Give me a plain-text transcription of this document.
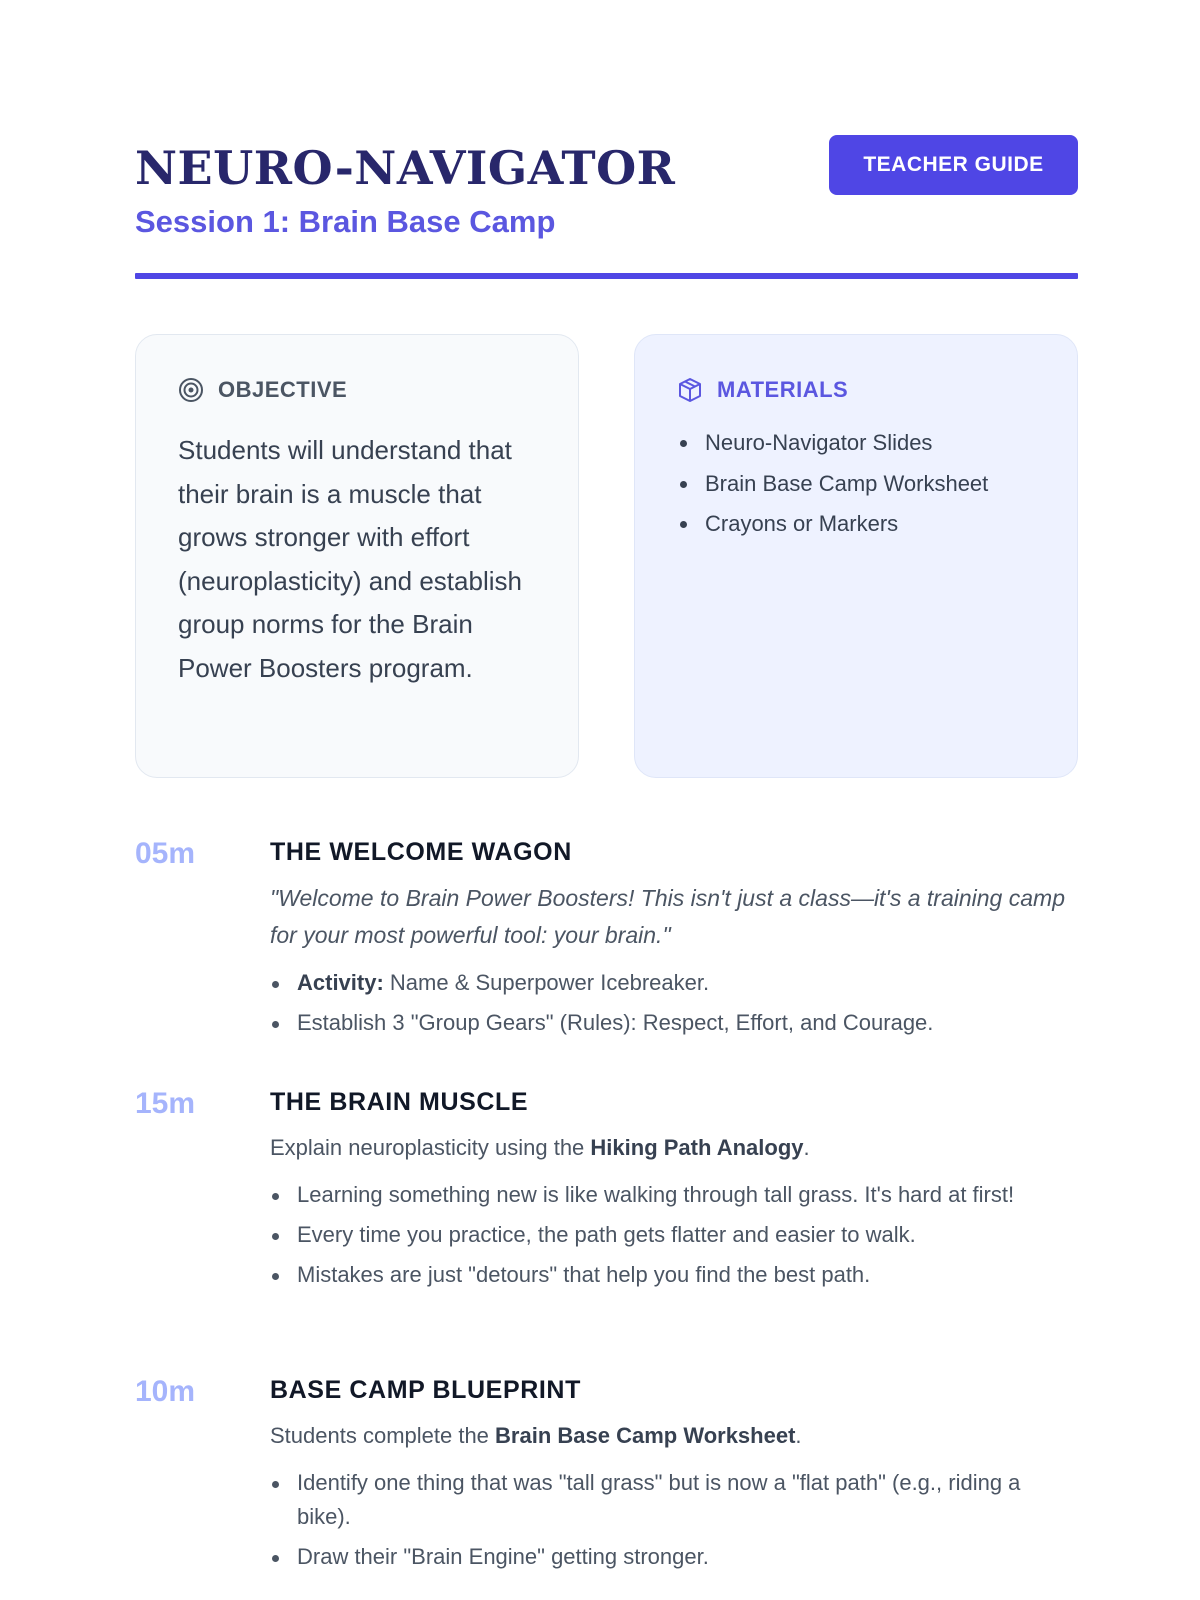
NEURO-NAVIGATOR
Session 1: Brain Base Camp
TEACHER GUIDE
OBJECTIVE

Students will understand that their brain is a muscle that grows stronger with effort (neuroplasticity) and establish group norms for the Brain Power Boosters program.

MATERIALS
Neuro-Navigator Slides
Brain Base Camp Worksheet
Crayons or Markers
05m	THE WELCOME WAGON

"Welcome to Brain Power Boosters! This isn't just a class—it's a training camp for your most powerful tool: your brain."

Activity: Name & Superpower Icebreaker.
Establish 3 "Group Gears" (Rules): Respect, Effort, and Courage.
15m	THE BRAIN MUSCLE

Explain neuroplasticity using the Hiking Path Analogy.

Learning something new is like walking through tall grass. It's hard at first!
Every time you practice, the path gets flatter and easier to walk.
Mistakes are just "detours" that help you find the best path.
10m	BASE CAMP BLUEPRINT

Students complete the Brain Base Camp Worksheet.

Identify one thing that was "tall grass" but is now a "flat path" (e.g., riding a bike).
Draw their "Brain Engine" getting stronger.
